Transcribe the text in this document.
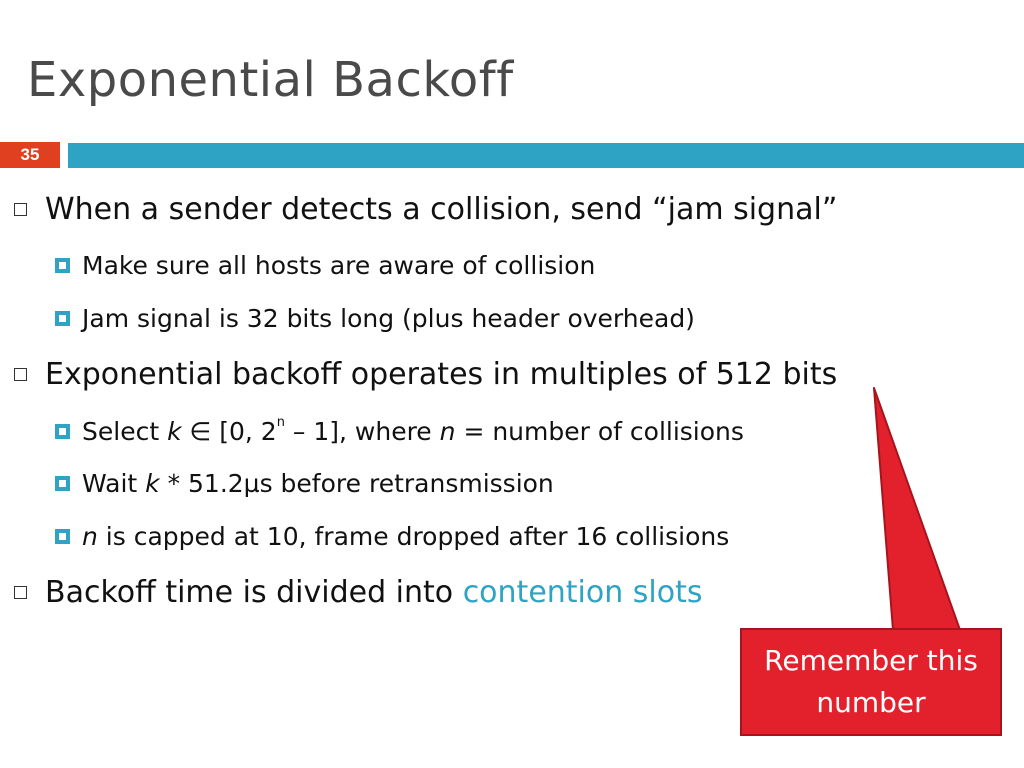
Exponential Backoff
35
When a sender detects a collision, send “jam signal”
Make sure all hosts are aware of collision
Jam signal is 32 bits long (plus header overhead)
Exponential backoff operates in multiples of 512 bits
Select k ∈ [0, 2$^n$ – 1], where n = number of collisions
Wait k * 51.2µs before retransmission
n is capped at 10, frame dropped after 16 collisions
Backoff time is divided into contention slots
Remember this
number
